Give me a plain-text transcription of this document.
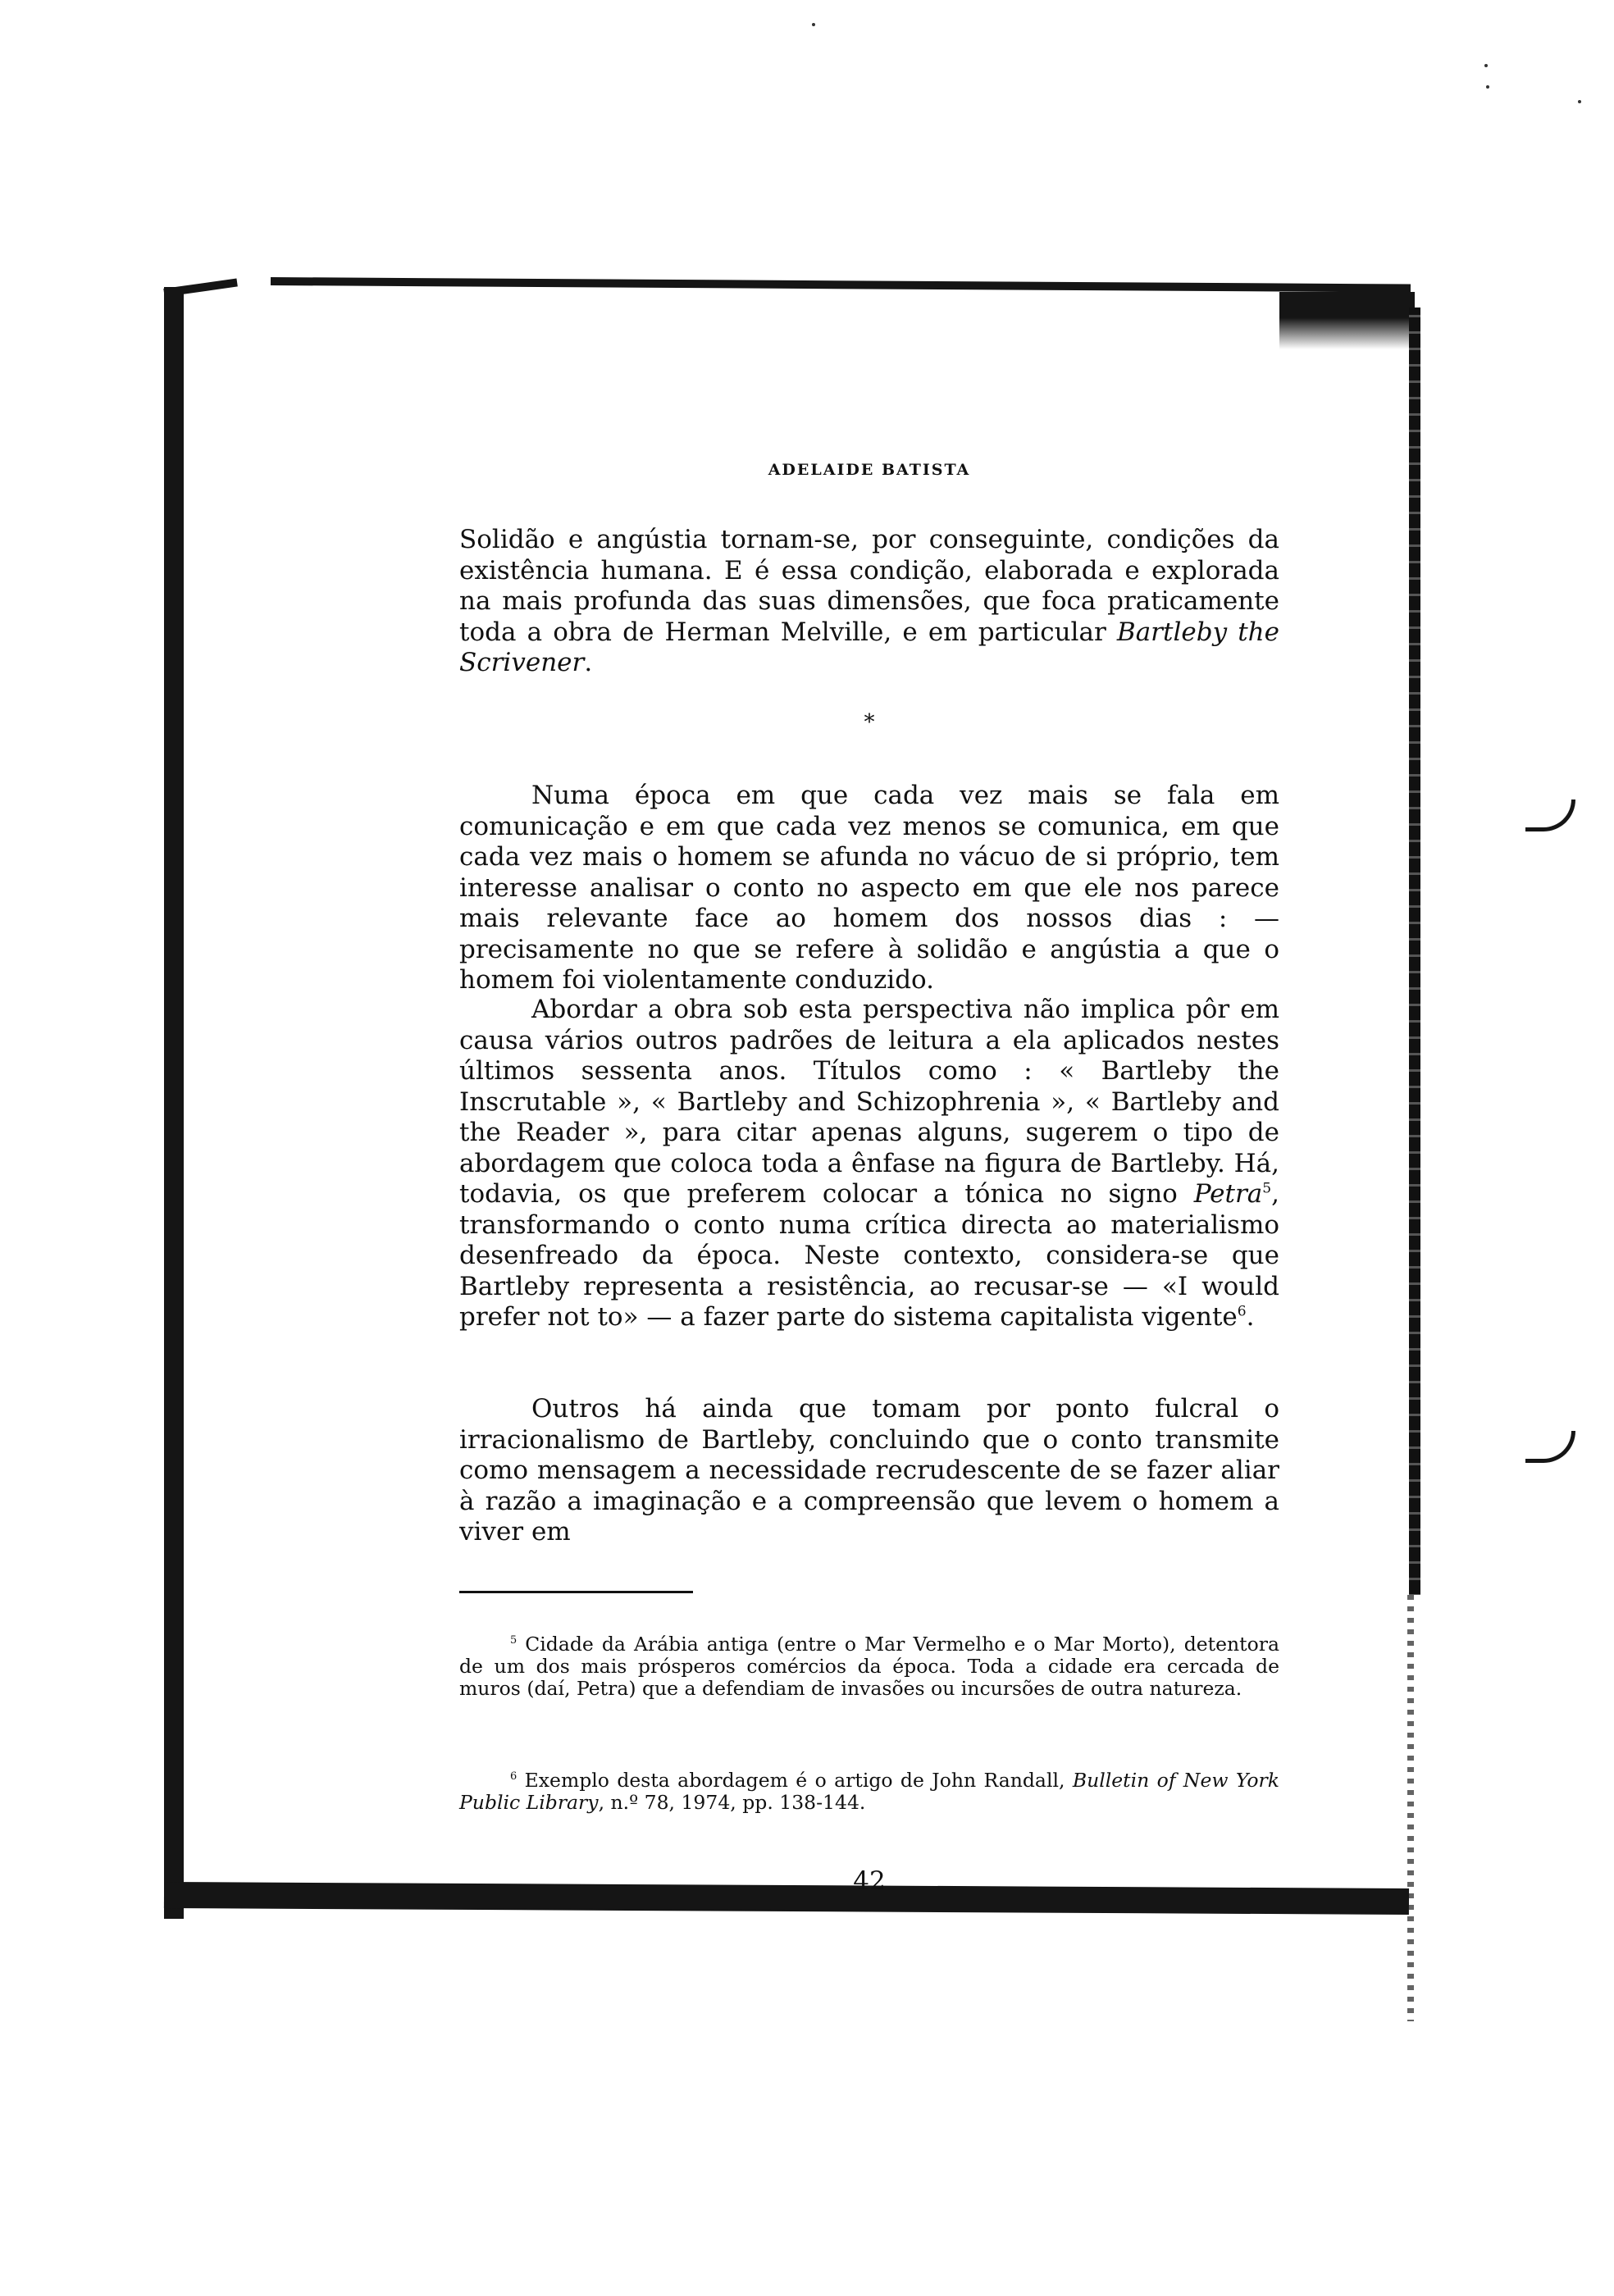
ADELAIDE BATISTA

Solidão e angústia tornam-se, por conseguinte, condições da existência humana. E é essa condição, elaborada e explorada na mais profunda das suas dimensões, que foca praticamente toda a obra de Herman Melville, e em particular Bartleby the Scrivener.

*

Numa época em que cada vez mais se fala em comunicação e em que cada vez menos se comunica, em que cada vez mais o homem se afunda no vácuo de si próprio, tem interesse analisar o conto no aspecto em que ele nos parece mais relevante face ao homem dos nossos dias : — precisamente no que se refere à solidão e angústia a que o homem foi violentamente conduzido.

Abordar a obra sob esta perspectiva não implica pôr em causa vários outros padrões de leitura a ela aplicados nestes últimos sessenta anos. Títulos como : « Bartleby the Inscrutable », « Bartleby and Schizophrenia », « Bartleby and the Reader », para citar apenas alguns, sugerem o tipo de abordagem que coloca toda a ênfase na figura de Bartleby. Há, todavia, os que preferem colocar a tónica no signo Petra$^5$, transformando o conto numa crítica directa ao materialismo desenfreado da época. Neste contexto, considera-se que Bartleby representa a resistência, ao recusar-se — «I would prefer not to» — a fazer parte do sistema capitalista vigente$^6$.

Outros há ainda que tomam por ponto fulcral o irracionalismo de Bartleby, concluindo que o conto transmite como mensagem a necessidade recrudescente de se fazer aliar à razão a imaginação e a compreensão que levem o homem a viver em

$^5$ Cidade da Arábia antiga (entre o Mar Vermelho e o Mar Morto), detentora de um dos mais prósperos comércios da época. Toda a cidade era cercada de muros (daí, Petra) que a defendiam de invasões ou incursões de outra natureza.

$^6$ Exemplo desta abordagem é o artigo de John Randall, Bulletin of New York Public Library, n.º 78, 1974, pp. 138-144.

42
